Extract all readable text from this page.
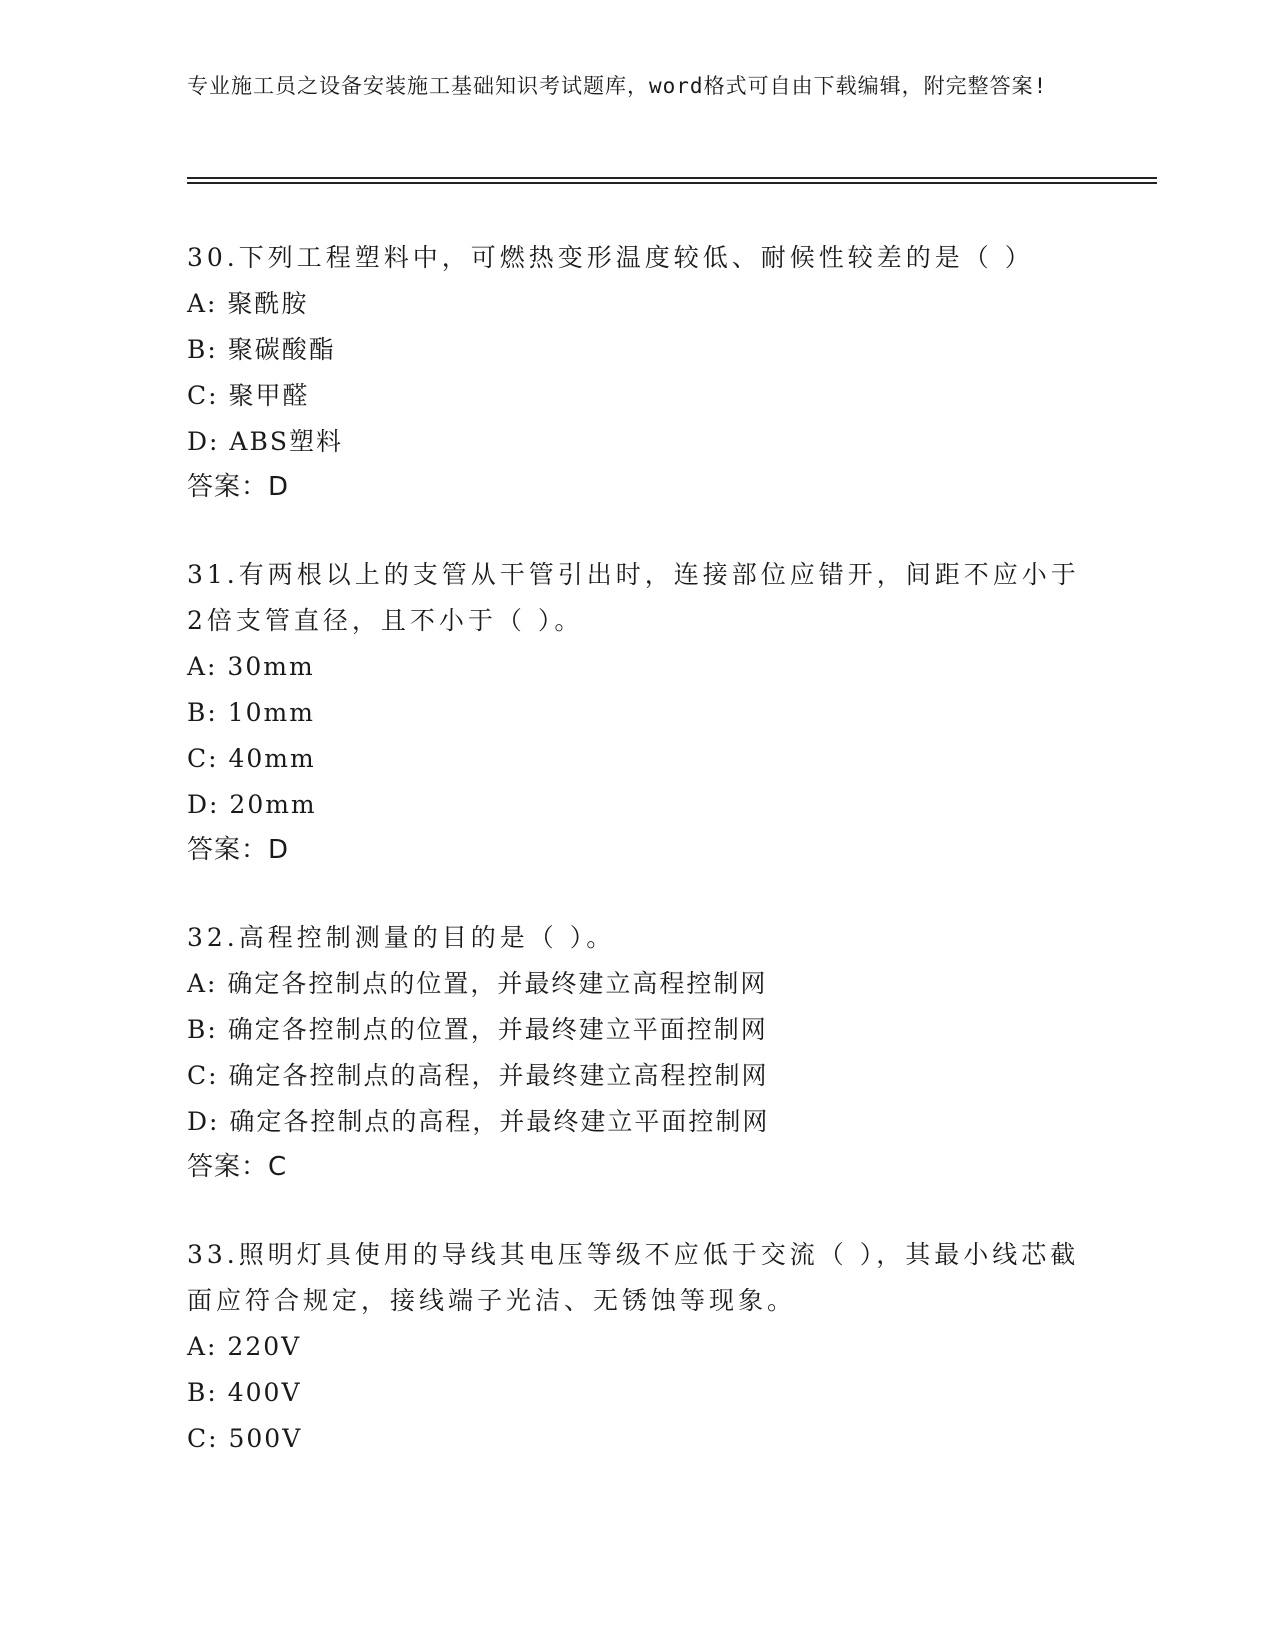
专业施工员之设备安装施工基础知识考试题库，word格式可自由下载编辑，附完整答案!
30.下列工程塑料中，可燃热变形温度较低、耐候性较差的是（ ）
A: 聚酰胺
B: 聚碳酸酯
C: 聚甲醛
D: ABS塑料
答案：D
31.有两根以上的支管从干管引出时，连接部位应错开，间距不应小于2倍支管直径，且不小于（ ）。
A: 30mm
B: 10mm
C: 40mm
D: 20mm
答案：D
32.高程控制测量的目的是（ ）。
A: 确定各控制点的位置，并最终建立高程控制网
B: 确定各控制点的位置，并最终建立平面控制网
C: 确定各控制点的高程，并最终建立高程控制网
D: 确定各控制点的高程，并最终建立平面控制网
答案：C
33.照明灯具使用的导线其电压等级不应低于交流（ ），其最小线芯截面应符合规定，接线端子光洁、无锈蚀等现象。
A: 220V
B: 400V
C: 500V
